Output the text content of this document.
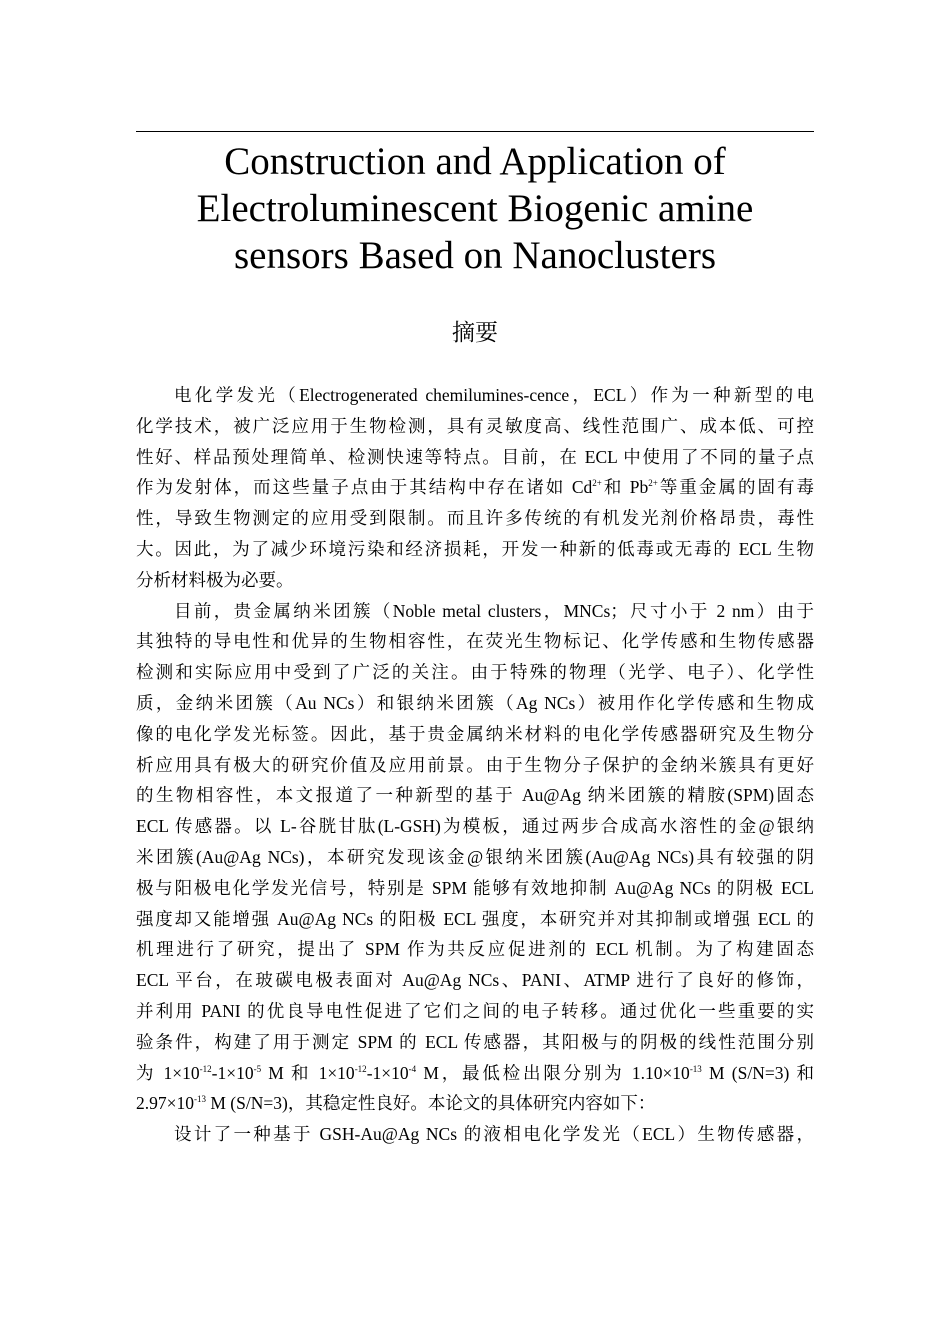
Construction and Application of
Electroluminescent Biogenic amine
sensors Based on Nanoclusters
摘要

电化学发光（Electrogenerated chemilumines-cence，ECL）作为一种新型的电
化学技术，被广泛应用于生物检测，具有灵敏度高、线性范围广、成本低、可控
性好、样品预处理简单、检测快速等特点。目前，在 ECL 中使用了不同的量子点
作为发射体，而这些量子点由于其结构中存在诸如 $Cd^{2+}$和 $Pb^{2+}$等重金属的固有毒
性，导致生物测定的应用受到限制。而且许多传统的有机发光剂价格昂贵，毒性
大。因此，为了减少环境污染和经济损耗，开发一种新的低毒或无毒的 ECL 生物
分析材料极为必要。

目前，贵金属纳米团簇（Noble metal clusters，MNCs；尺寸小于 2 nm）由于
其独特的导电性和优异的生物相容性，在荧光生物标记、化学传感和生物传感器
检测和实际应用中受到了广泛的关注。由于特殊的物理（光学、电子）、化学性
质，金纳米团簇（Au NCs）和银纳米团簇（Ag NCs）被用作化学传感和生物成
像的电化学发光标签。因此，基于贵金属纳米材料的电化学传感器研究及生物分
析应用具有极大的研究价值及应用前景。由于生物分子保护的金纳米簇具有更好
的生物相容性，本文报道了一种新型的基于 Au@Ag 纳米团簇的精胺(SPM)固态
ECL 传感器。以 L-谷胱甘肽(L-GSH)为模板，通过两步合成高水溶性的金@银纳
米团簇(Au@Ag NCs)，本研究发现该金@银纳米团簇(Au@Ag NCs)具有较强的阴
极与阳极电化学发光信号，特别是 SPM 能够有效地抑制 Au@Ag NCs 的阴极 ECL
强度却又能增强 Au@Ag NCs 的阳极 ECL 强度，本研究并对其抑制或增强 ECL 的
机理进行了研究，提出了 SPM 作为共反应促进剂的 ECL 机制。为了构建固态
ECL 平台，在玻碳电极表面对 Au@Ag NCs、PANI、ATMP 进行了良好的修饰，
并利用 PANI 的优良导电性促进了它们之间的电子转移。通过优化一些重要的实
验条件，构建了用于测定 SPM 的 ECL 传感器，其阳极与的阴极的线性范围分别
为 $1\times 10^{-12}-1\times 10^{-5}$ M 和 $1\times 10^{-12}-1\times 10^{-4}$ M，最低检出限分别为 $1.10\times 10^{-13}$ M (S/N=3) 和
$2.97\times 10^{-13}$ M (S/N=3)，其稳定性良好。本论文的具体研究内容如下：

设计了一种基于 GSH-Au@Ag NCs 的液相电化学发光（ECL）生物传感器，
